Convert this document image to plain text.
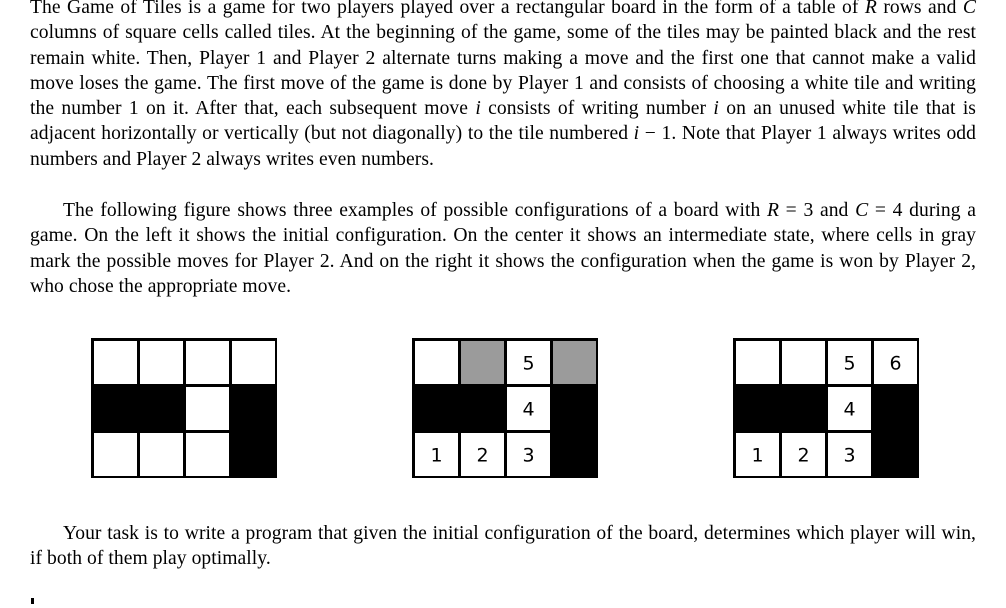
The Game of Tiles is a game for two players played over a rectangular board in the form of a table of R rows and C columns of square cells called tiles. At the beginning of the game, some of the tiles may be painted black and the rest remain white. Then, Player 1 and Player 2 alternate turns making a move and the first one that cannot make a valid move loses the game. The first move of the game is done by Player 1 and consists of choosing a white tile and writing the number 1 on it. After that, each subsequent move i consists of writing number i on an unused white tile that is adjacent horizontally or vertically (but not diagonally) to the tile numbered i − 1. Note that Player 1 always writes odd numbers and Player 2 always writes even numbers.

The following figure shows three examples of possible configurations of a board with R = 3 and C = 4 during a game. On the left it shows the initial configuration. On the center it shows an intermediate state, where cells in gray mark the possible moves for Player 2. And on the right it shows the configuration when the game is won by Player 2, who chose the appropriate move.

5
4
1 2 3
5 6
4
1 2 3

Your task is to write a program that given the initial configuration of the board, determines which player will win, if both of them play optimally.
